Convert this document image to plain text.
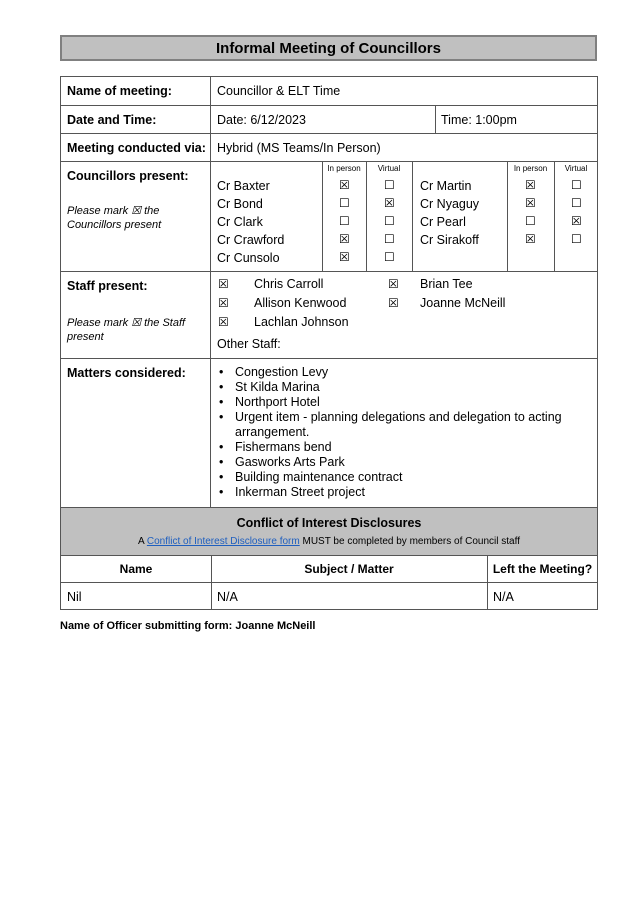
Informal Meeting of Councillors
Name of meeting:	Councillor & ELT Time
Date and Time:	Date: 6/12/2023	Time: 1:00pm
Meeting conducted via: Hybrid (MS Teams/In Person)
Councillors present:
Please mark ☒ the Councillors present
In person	Virtual	In person	Virtual
Cr Baxter	☒	☐
Cr Bond	☐	☒
Cr Clark	☐	☐
Cr Crawford	☒	☐
Cr Cunsolo	☒	☐
Cr Martin	☒	☐
Cr Nyaguy	☒	☐
Cr Pearl	☐	☒
Cr Sirakoff	☒	☐
Staff present:
Please mark ☒ the Staff present
☒ Chris Carroll	☒ Brian Tee
☒ Allison Kenwood	☒ Joanne McNeill
☒ Lachlan Johnson
Other Staff:
Matters considered:	• Congestion Levy
• St Kilda Marina
• Northport Hotel
• Urgent item - planning delegations and delegation to acting arrangement.
• Fishermans bend
• Gasworks Arts Park
• Building maintenance contract
• Inkerman Street project
Conflict of Interest Disclosures
A Conflict of Interest Disclosure form MUST be completed by members of Council staff
Name	Subject / Matter	Left the Meeting?
Nil	N/A	N/A
Name of Officer submitting form: Joanne McNeill
